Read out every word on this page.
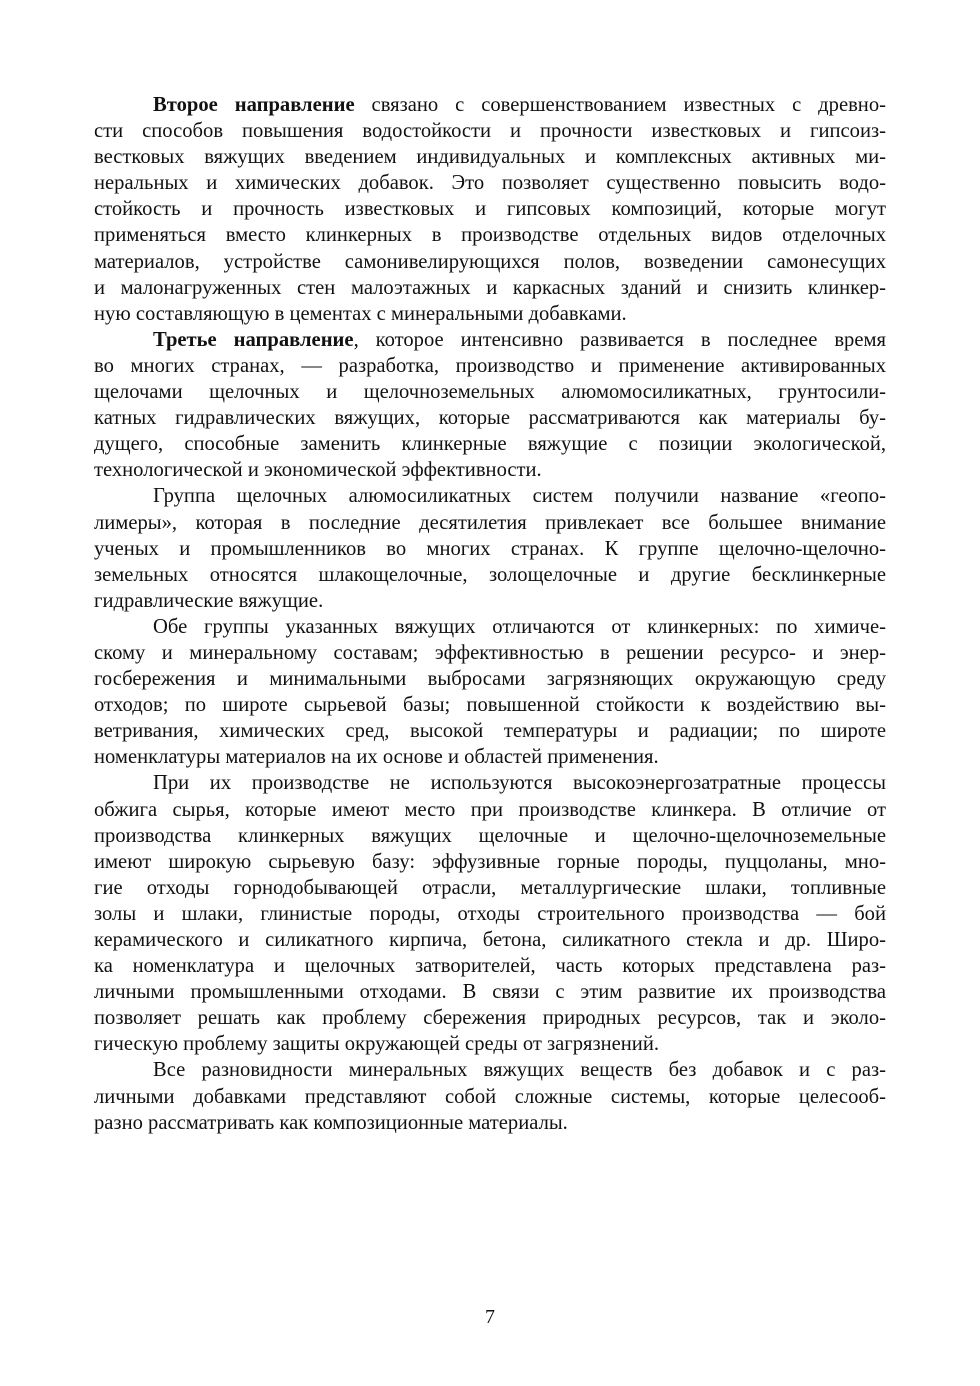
Второе направление связано с совершенствованием известных с древно-
сти способов повышения водостойкости и прочности известковых и гипсоиз-
вестковых вяжущих введением индивидуальных и комплексных активных ми-
неральных и химических добавок. Это позволяет существенно повысить водо-
стойкость и прочность известковых и гипсовых композиций, которые могут
применяться вместо клинкерных в производстве отдельных видов отделочных
материалов, устройстве самонивелирующихся полов, возведении самонесущих
и малонагруженных стен малоэтажных и каркасных зданий и снизить клинкер-
ную составляющую в цементах с минеральными добавками.
Третье направление, которое интенсивно развивается в последнее время
во многих странах, — разработка, производство и применение активированных
щелочами щелочных и щелочноземельных алюмомосиликатных, грунтосили-
катных гидравлических вяжущих, которые рассматриваются как материалы бу-
дущего, способные заменить клинкерные вяжущие с позиции экологической,
технологической и экономической эффективности.
Группа щелочных алюмосиликатных систем получили название «геопо-
лимеры», которая в последние десятилетия привлекает все большее внимание
ученых и промышленников во многих странах. К группе щелочно-щелочно-
земельных относятся шлакощелочные, золощелочные и другие бесклинкерные
гидравлические вяжущие.
Обе группы указанных вяжущих отличаются от клинкерных: по химиче-
скому и минеральному составам; эффективностью в решении ресурсо- и энер-
госбережения и минимальными выбросами загрязняющих окружающую среду
отходов; по широте сырьевой базы; повышенной стойкости к воздействию вы-
ветривания, химических сред, высокой температуры и радиации; по широте
номенклатуры материалов на их основе и областей применения.
При их производстве не используются высокоэнергозатратные процессы
обжига сырья, которые имеют место при производстве клинкера. В отличие от
производства клинкерных вяжущих щелочные и щелочно-щелочноземельные
имеют широкую сырьевую базу: эффузивные горные породы, пуццоланы, мно-
гие отходы горнодобывающей отрасли, металлургические шлаки, топливные
золы и шлаки, глинистые породы, отходы строительного производства — бой
керамического и силикатного кирпича, бетона, силикатного стекла и др. Широ-
ка номенклатура и щелочных затворителей, часть которых представлена раз-
личными промышленными отходами. В связи с этим развитие их производства
позволяет решать как проблему сбережения природных ресурсов, так и эколо-
гическую проблему защиты окружающей среды от загрязнений.
Все разновидности минеральных вяжущих веществ без добавок и с раз-
личными добавками представляют собой сложные системы, которые целесооб-
разно рассматривать как композиционные материалы.
7
